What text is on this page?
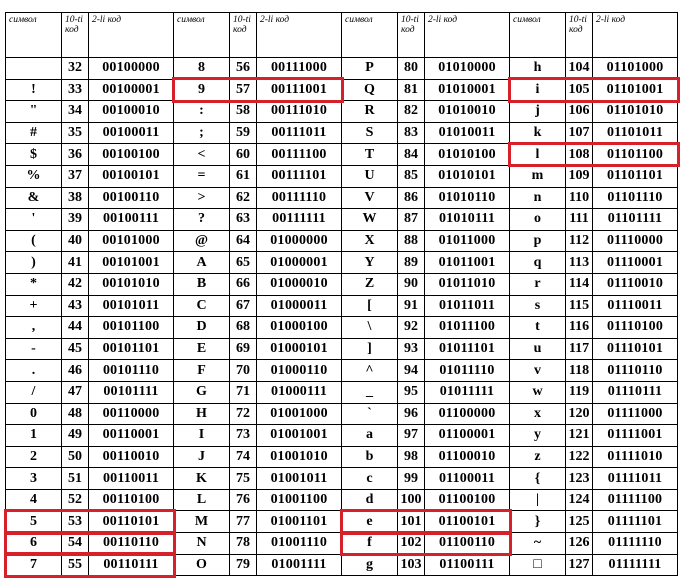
символ	10-ti код	2-li код	символ	10-ti код	2-li код	символ	10-ti код	2-li код	символ	10-ti код	2-li код
	32	00100000	8	56	00111000	P	80	01010000	h	104	01101000
!	33	00100001	9	57	00111001	Q	81	01010001	i	105	01101001
"	34	00100010	:	58	00111010	R	82	01010010	j	106	01101010
#	35	00100011	;	59	00111011	S	83	01010011	k	107	01101011
$	36	00100100	<	60	00111100	T	84	01010100	l	108	01101100
%	37	00100101	=	61	00111101	U	85	01010101	m	109	01101101
&	38	00100110	>	62	00111110	V	86	01010110	n	110	01101110
'	39	00100111	?	63	00111111	W	87	01010111	o	111	01101111
(	40	00101000	@	64	01000000	X	88	01011000	p	112	01110000
)	41	00101001	A	65	01000001	Y	89	01011001	q	113	01110001
*	42	00101010	B	66	01000010	Z	90	01011010	r	114	01110010
+	43	00101011	C	67	01000011	[	91	01011011	s	115	01110011
,	44	00101100	D	68	01000100	\	92	01011100	t	116	01110100
-	45	00101101	E	69	01000101	]	93	01011101	u	117	01110101
.	46	00101110	F	70	01000110	^	94	01011110	v	118	01110110
/	47	00101111	G	71	01000111	_	95	01011111	w	119	01110111
0	48	00110000	H	72	01001000	`	96	01100000	x	120	01111000
1	49	00110001	I	73	01001001	a	97	01100001	y	121	01111001
2	50	00110010	J	74	01001010	b	98	01100010	z	122	01111010
3	51	00110011	K	75	01001011	c	99	01100011	{	123	01111011
4	52	00110100	L	76	01001100	d	100	01100100	|	124	01111100
5	53	00110101	M	77	01001101	e	101	01100101	}	125	01111101
6	54	00110110	N	78	01001110	f	102	01100110	~	126	01111110
7	55	00110111	O	79	01001111	g	103	01100111	□	127	01111111
